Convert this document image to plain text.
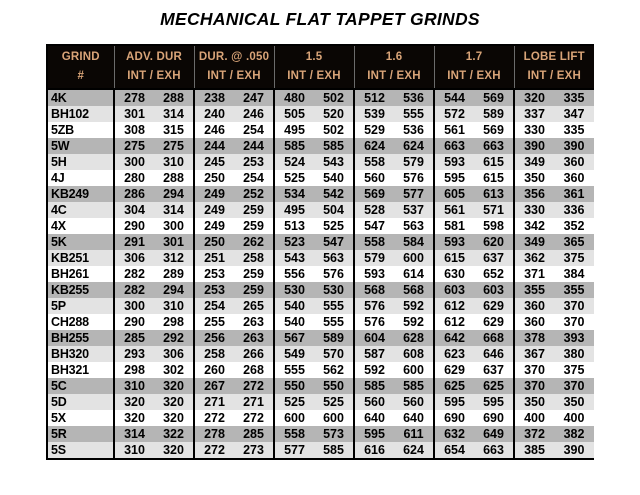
MECHANICAL FLAT TAPPET GRINDS
GRIND	ADV. DUR		DUR. @ .050		1.5		1.6		1.7		LOBE LIFT	
#	INT / EXH		INT / EXH		INT / EXH		INT / EXH		INT / EXH		INT / EXH	
4K	278	288	238	247	480	502	512	536	544	569	320	335
BH102	301	314	240	246	505	520	539	555	572	589	337	347
5ZB	308	315	246	254	495	502	529	536	561	569	330	335
5W	275	275	244	244	585	585	624	624	663	663	390	390
5H	300	310	245	253	524	543	558	579	593	615	349	360
4J	280	288	250	254	525	540	560	576	595	615	350	360
KB249	286	294	249	252	534	542	569	577	605	613	356	361
4C	304	314	249	259	495	504	528	537	561	571	330	336
4X	290	300	249	259	513	525	547	563	581	598	342	352
5K	291	301	250	262	523	547	558	584	593	620	349	365
KB251	306	312	251	258	543	563	579	600	615	637	362	375
BH261	282	289	253	259	556	576	593	614	630	652	371	384
KB255	282	294	253	259	530	530	568	568	603	603	355	355
5P	300	310	254	265	540	555	576	592	612	629	360	370
CH288	290	298	255	263	540	555	576	592	612	629	360	370
BH255	285	292	256	263	567	589	604	628	642	668	378	393
BH320	293	306	258	266	549	570	587	608	623	646	367	380
BH321	298	302	260	268	555	562	592	600	629	637	370	375
5C	310	320	267	272	550	550	585	585	625	625	370	370
5D	320	320	271	271	525	525	560	560	595	595	350	350
5X	320	320	272	272	600	600	640	640	690	690	400	400
5R	314	322	278	285	558	573	595	611	632	649	372	382
5S	310	320	272	273	577	585	616	624	654	663	385	390
